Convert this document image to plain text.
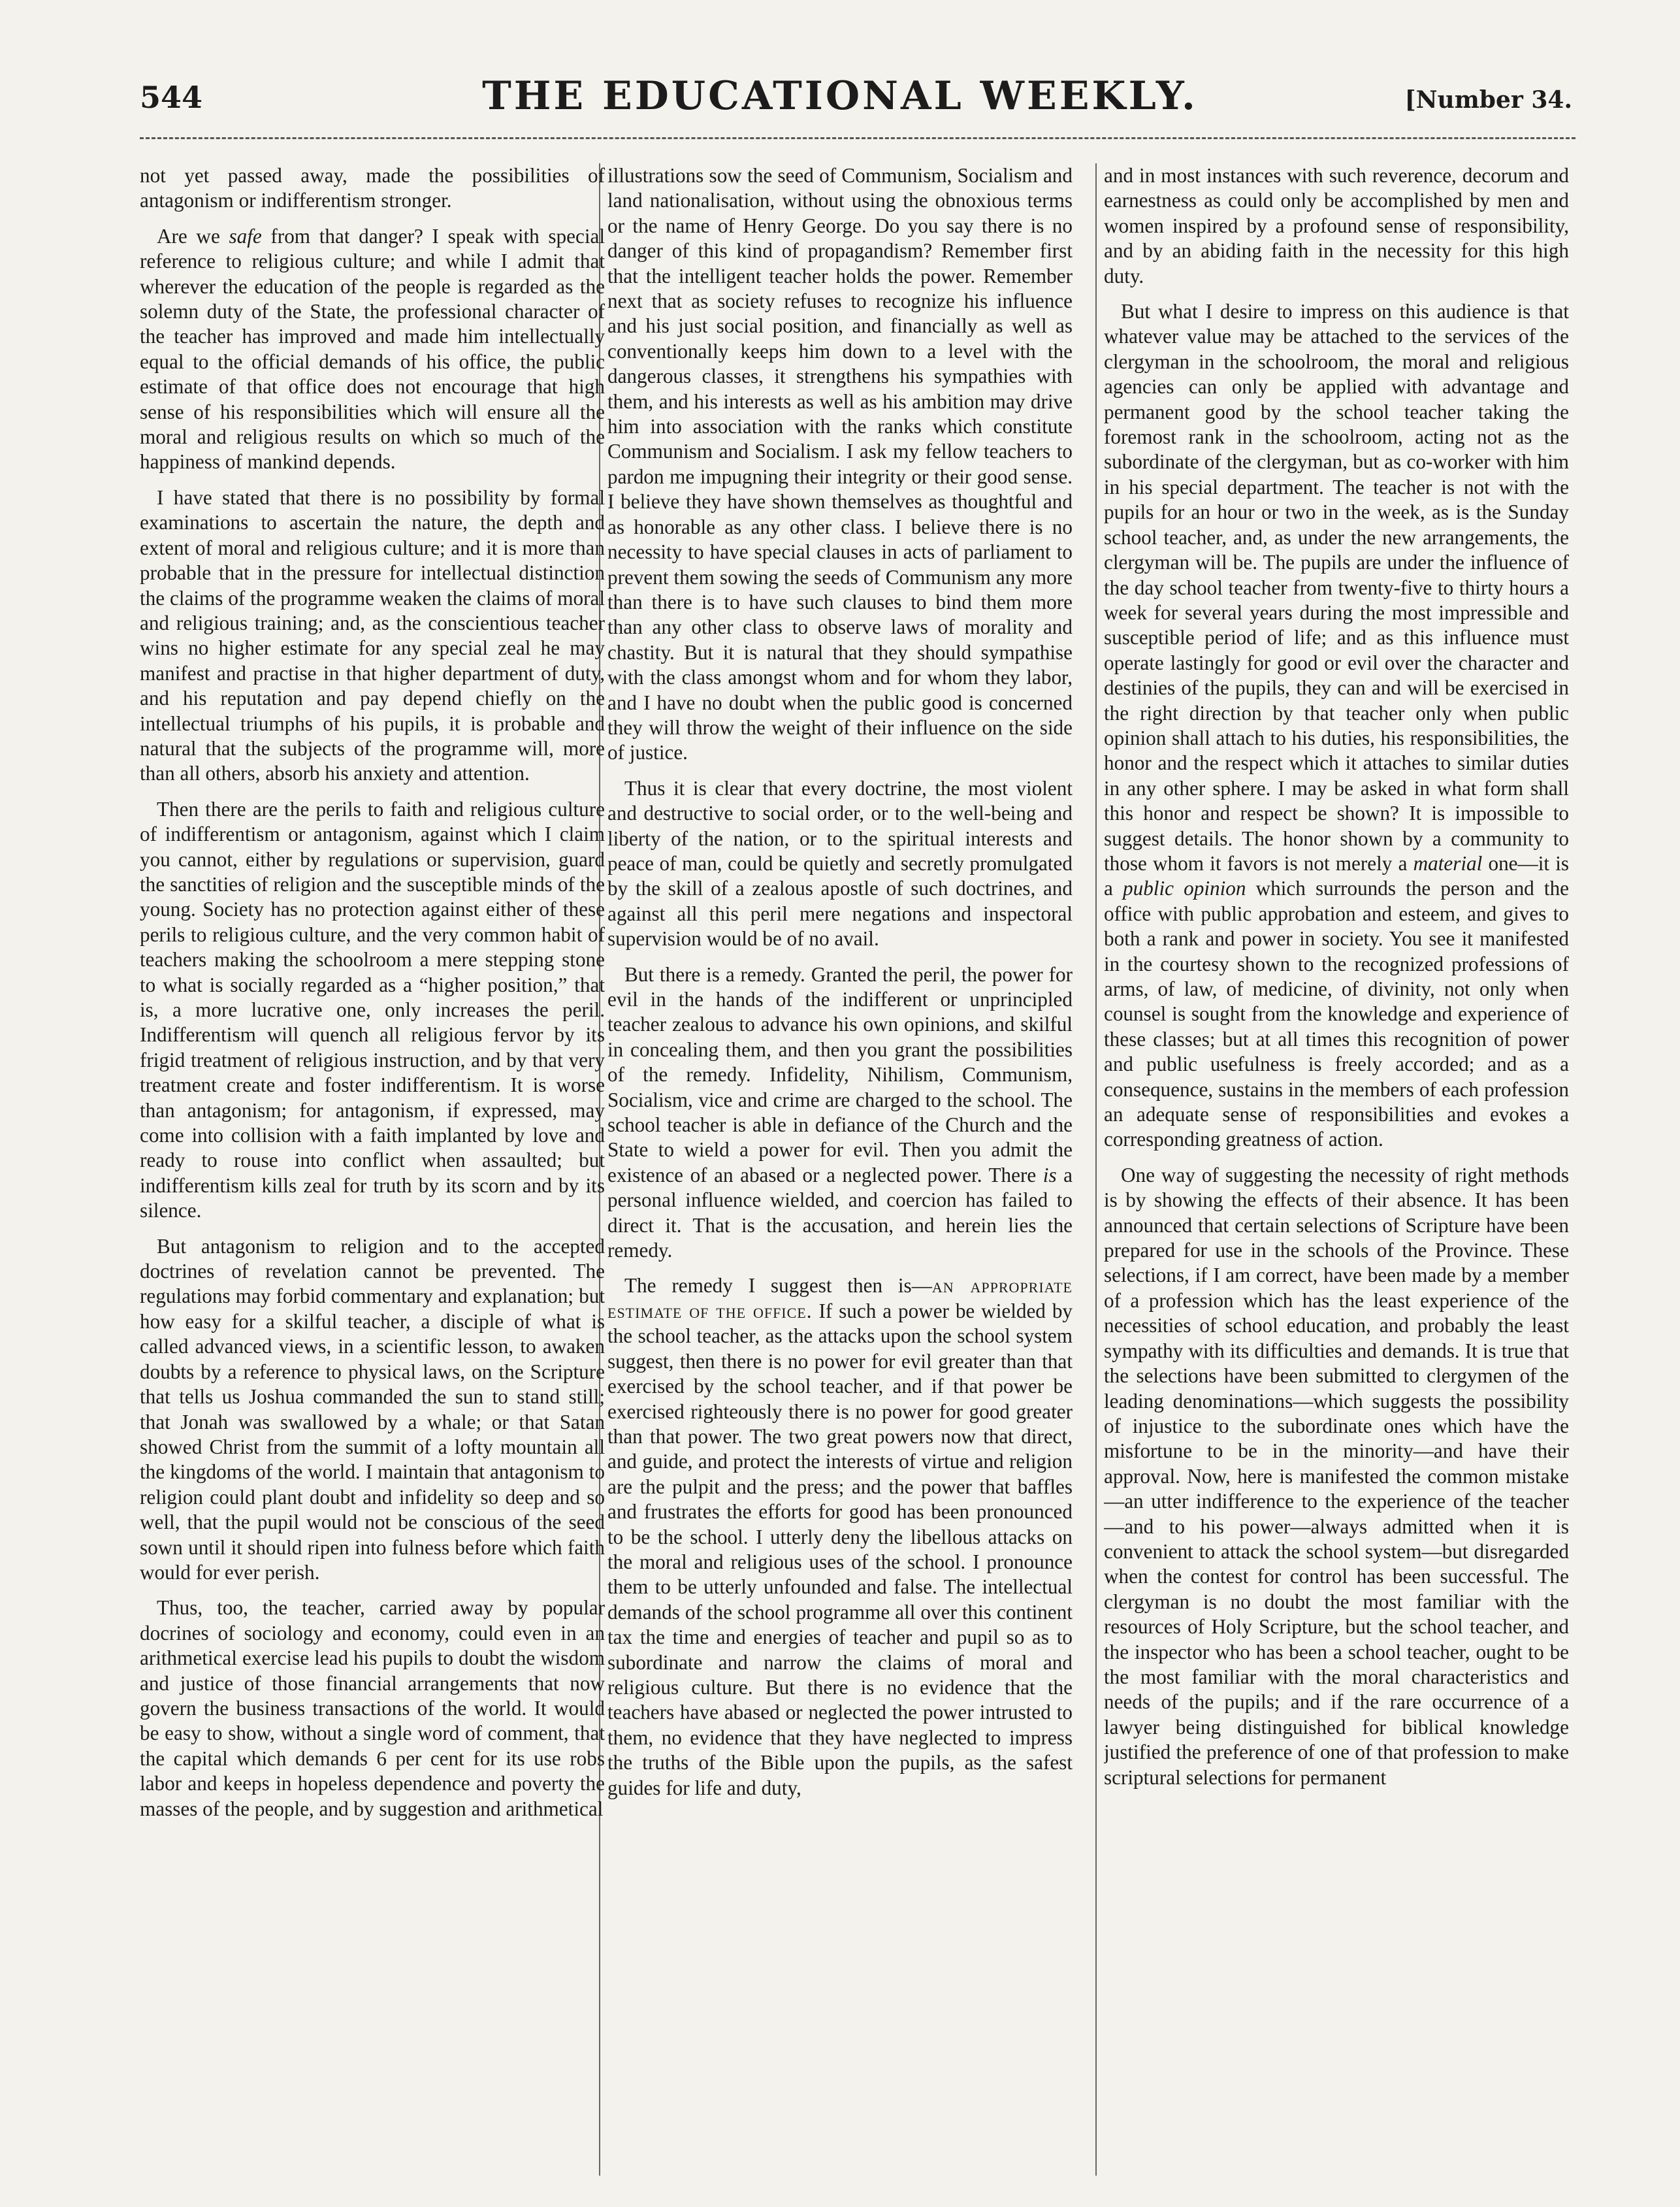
544	THE EDUCATIONAL WEEKLY.	[Number 34.

not yet passed away, made the possibilities of antagonism or indifferentism stronger.

Are we safe from that danger? I speak with special reference to religious culture; and while I admit that wherever the education of the people is regarded as the solemn duty of the State, the professional character of the teacher has improved and made him intellectually equal to the official demands of his office, the public estimate of that office does not encourage that high sense of his responsibilities which will ensure all the moral and religious results on which so much of the happiness of mankind depends.

I have stated that there is no possibility by formal examinations to ascertain the nature, the depth and extent of moral and religious culture; and it is more than probable that in the pressure for intellectual distinction the claims of the programme weaken the claims of moral and religious training; and, as the conscientious teacher wins no higher estimate for any special zeal he may manifest and practise in that higher department of duty, and his reputation and pay depend chiefly on the intellectual triumphs of his pupils, it is probable and natural that the subjects of the programme will, more than all others, absorb his anxiety and attention.

Then there are the perils to faith and religious culture of indifferentism or antagonism, against which I claim you cannot, either by regulations or supervision, guard the sanctities of religion and the susceptible minds of the young. Society has no protection against either of these perils to religious culture, and the very common habit of teachers making the schoolroom a mere stepping stone to what is socially regarded as a “higher position,” that is, a more lucrative one, only increases the peril. Indifferentism will quench all religious fervor by its frigid treatment of religious instruction, and by that very treatment create and foster indifferentism. It is worse than antagonism; for antagonism, if expressed, may come into collision with a faith implanted by love and ready to rouse into conflict when assaulted; but indifferentism kills zeal for truth by its scorn and by its silence.

But antagonism to religion and to the accepted doctrines of revelation cannot be prevented. The regulations may forbid commentary and explanation; but how easy for a skilful teacher, a disciple of what is called advanced views, in a scientific lesson, to awaken doubts by a reference to physical laws, on the Scripture that tells us Joshua commanded the sun to stand still; that Jonah was swallowed by a whale; or that Satan showed Christ from the summit of a lofty mountain all the kingdoms of the world. I maintain that antagonism to religion could plant doubt and infidelity so deep and so well, that the pupil would not be conscious of the seed sown until it should ripen into fulness before which faith would for ever perish.

Thus, too, the teacher, carried away by popular docrines of sociology and economy, could even in an arithmetical exercise lead his pupils to doubt the wisdom and justice of those financial arrangements that now govern the business transactions of the world. It would be easy to show, without a single word of comment, that the capital which demands 6 per cent for its use robs labor and keeps in hopeless dependence and poverty the masses of the people, and by suggestion and arithmetical

illustrations sow the seed of Communism, Socialism and land nationalisation, without using the obnoxious terms or the name of Henry George. Do you say there is no danger of this kind of propagandism? Remember first that the intelligent teacher holds the power. Remember next that as society refuses to recognize his influence and his just social position, and financially as well as conventionally keeps him down to a level with the dangerous classes, it strengthens his sympathies with them, and his interests as well as his ambition may drive him into association with the ranks which constitute Communism and Socialism. I ask my fellow teachers to pardon me impugning their integrity or their good sense. I believe they have shown themselves as thoughtful and as honorable as any other class. I believe there is no necessity to have special clauses in acts of parliament to prevent them sowing the seeds of Communism any more than there is to have such clauses to bind them more than any other class to observe laws of morality and chastity. But it is natural that they should sympathise with the class amongst whom and for whom they labor, and I have no doubt when the public good is concerned they will throw the weight of their influence on the side of justice.

Thus it is clear that every doctrine, the most violent and destructive to social order, or to the well-being and liberty of the nation, or to the spiritual interests and peace of man, could be quietly and secretly promulgated by the skill of a zealous apostle of such doctrines, and against all this peril mere negations and inspectoral supervision would be of no avail.

But there is a remedy. Granted the peril, the power for evil in the hands of the indifferent or unprincipled teacher zealous to advance his own opinions, and skilful in concealing them, and then you grant the possibilities of the remedy. Infidelity, Nihilism, Communism, Socialism, vice and crime are charged to the school. The school teacher is able in defiance of the Church and the State to wield a power for evil. Then you admit the existence of an abased or a neglected power. There is a personal influence wielded, and coercion has failed to direct it. That is the accusation, and herein lies the remedy.

The remedy I suggest then is—an appropriate estimate of the office. If such a power be wielded by the school teacher, as the attacks upon the school system suggest, then there is no power for evil greater than that exercised by the school teacher, and if that power be exercised righteously there is no power for good greater than that power. The two great powers now that direct, and guide, and protect the interests of virtue and religion are the pulpit and the press; and the power that baffles and frustrates the efforts for good has been pronounced to be the school. I utterly deny the libellous attacks on the moral and religious uses of the school. I pronounce them to be utterly unfounded and false. The intellectual demands of the school programme all over this continent tax the time and energies of teacher and pupil so as to subordinate and narrow the claims of moral and religious culture. But there is no evidence that the teachers have abased or neglected the power intrusted to them, no evidence that they have neglected to impress the truths of the Bible upon the pupils, as the safest guides for life and duty,

and in most instances with such reverence, decorum and earnestness as could only be accomplished by men and women inspired by a profound sense of responsibility, and by an abiding faith in the necessity for this high duty.

But what I desire to impress on this audience is that whatever value may be attached to the services of the clergyman in the schoolroom, the moral and religious agencies can only be applied with advantage and permanent good by the school teacher taking the foremost rank in the schoolroom, acting not as the subordinate of the clergyman, but as co-worker with him in his special department. The teacher is not with the pupils for an hour or two in the week, as is the Sunday school teacher, and, as under the new arrangements, the clergyman will be. The pupils are under the influence of the day school teacher from twenty-five to thirty hours a week for several years during the most impressible and susceptible period of life; and as this influence must operate lastingly for good or evil over the character and destinies of the pupils, they can and will be exercised in the right direction by that teacher only when public opinion shall attach to his duties, his responsibilities, the honor and the respect which it attaches to similar duties in any other sphere. I may be asked in what form shall this honor and respect be shown? It is impossible to suggest details. The honor shown by a community to those whom it favors is not merely a material one—it is a public opinion which surrounds the person and the office with public approbation and esteem, and gives to both a rank and power in society. You see it manifested in the courtesy shown to the recognized professions of arms, of law, of medicine, of divinity, not only when counsel is sought from the knowledge and experience of these classes; but at all times this recognition of power and public usefulness is freely accorded; and as a consequence, sustains in the members of each profession an adequate sense of responsibilities and evokes a corresponding greatness of action.

One way of suggesting the necessity of right methods is by showing the effects of their absence. It has been announced that certain selections of Scripture have been prepared for use in the schools of the Province. These selections, if I am correct, have been made by a member of a profession which has the least experience of the necessities of school education, and probably the least sympathy with its difficulties and demands. It is true that the selections have been submitted to clergymen of the leading denominations—which suggests the possibility of injustice to the subordinate ones which have the misfortune to be in the minority—and have their approval. Now, here is manifested the common mistake—an utter indifference to the experience of the teacher—and to his power—always admitted when it is convenient to attack the school system—but disregarded when the contest for control has been successful. The clergyman is no doubt the most familiar with the resources of Holy Scripture, but the school teacher, and the inspector who has been a school teacher, ought to be the most familiar with the moral characteristics and needs of the pupils; and if the rare occurrence of a lawyer being distinguished for biblical knowledge justified the preference of one of that profession to make scriptural selections for permanent
